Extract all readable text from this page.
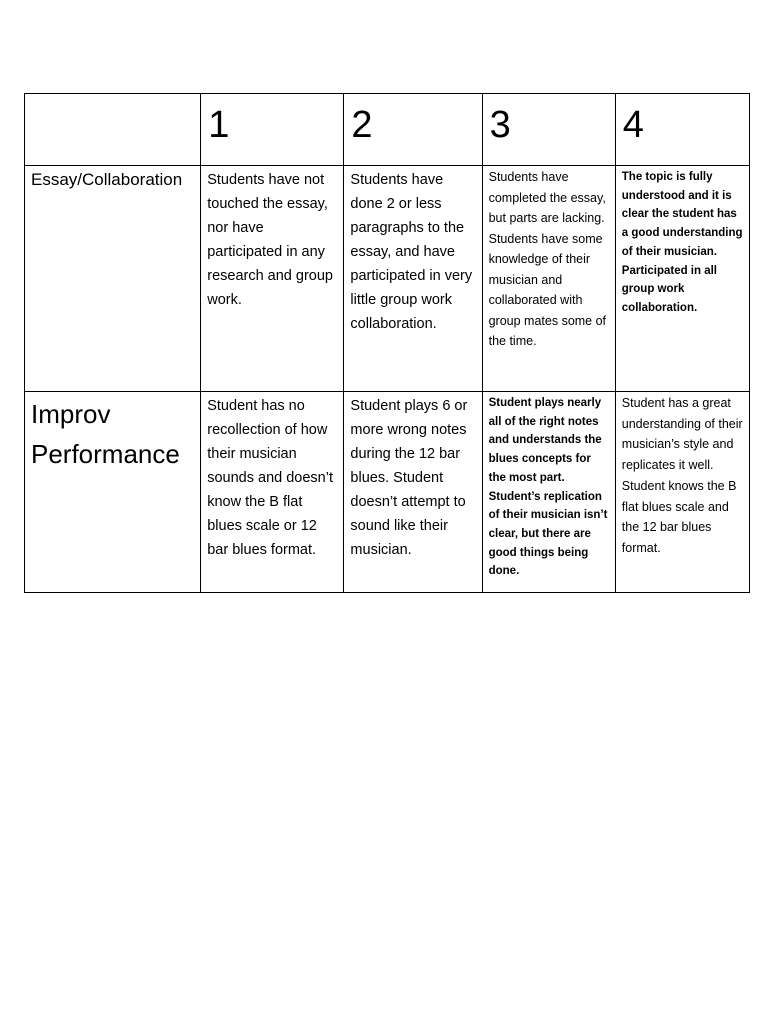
	1	2	3	4

Essay/Collaboration	Students have not touched the essay, nor have participated in any research and group work.	Students have done 2 or less paragraphs to the essay, and have participated in very little group work collaboration.	Students have completed the essay, but parts are lacking. Students have some knowledge of their musician and collaborated with group mates some of the time.	The topic is fully understood and it is clear the student has a good understanding of their musician. Participated in all group work collaboration.

Improv Performance	Student has no recollection of how their musician sounds and doesn’t know the B flat blues scale or 12 bar blues format.	Student plays 6 or more wrong notes during the 12 bar blues. Student doesn’t attempt to sound like their musician.	Student plays nearly all of the right notes and understands the blues concepts for the most part. Student’s replication of their musician isn’t clear, but there are good things being done.	Student has a great understanding of their musician’s style and replicates it well. Student knows the B flat blues scale and the 12 bar blues format.
